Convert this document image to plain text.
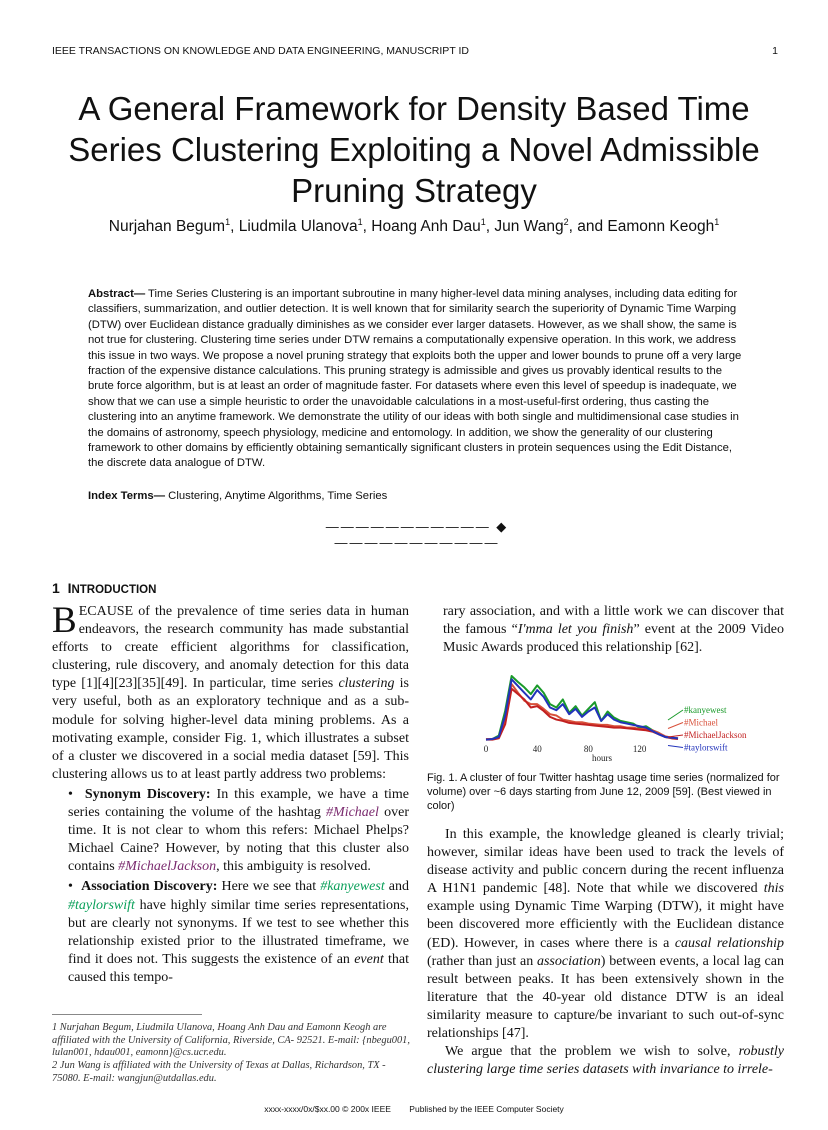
IEEE TRANSACTIONS ON KNOWLEDGE AND DATA ENGINEERING, MANUSCRIPT ID	1
A General Framework for Density Based Time Series Clustering Exploiting a Novel Admissible Pruning Strategy
Nurjahan Begum$^1$, Liudmila Ulanova$^1$, Hoang Anh Dau$^1$, Jun Wang$^2$, and Eamonn Keogh$^1$
Abstract— Time Series Clustering is an important subroutine in many higher-level data mining analyses, including data editing for classifiers, summarization, and outlier detection. It is well known that for similarity search the superiority of Dynamic Time Warping (DTW) over Euclidean distance gradually diminishes as we consider ever larger datasets. However, as we shall show, the same is not true for clustering. Clustering time series under DTW remains a computationally expensive operation. In this work, we address this issue in two ways. We propose a novel pruning strategy that exploits both the upper and lower bounds to prune off a very large fraction of the expensive distance calculations. This pruning strategy is admissible and gives us provably identical results to the brute force algorithm, but is at least an order of magnitude faster. For datasets where even this level of speedup is inadequate, we show that we can use a simple heuristic to order the unavoidable calculations in a most-useful-first ordering, thus casting the clustering into an anytime framework. We demonstrate the utility of our ideas with both single and multidimensional case studies in the domains of astronomy, speech physiology, medicine and entomology. In addition, we show the generality of our clustering framework to other domains by efficiently obtaining semantically significant clusters in protein sequences using the Edit Distance, the discrete data analogue of DTW.
Index Terms— Clustering, Anytime Algorithms, Time Series
——————————— ◆ ———————————
1 INTRODUCTION
BECAUSE of the prevalence of time series data in human endeavors, the research community has made substantial efforts to create efficient algorithms for classification, clustering, rule discovery, and anomaly detection for this data type [1][4][23][35][49]. In particular, time series clustering is very useful, both as an exploratory technique and as a sub-module for solving higher-level data mining problems. As a motivating example, consider Fig. 1, which illustrates a subset of a cluster we discovered in a social media dataset [59]. This clustering allows us to at least partly address two problems:
•  Synonym Discovery: In this example, we have a time series containing the volume of the hashtag #Michael over time. It is not clear to whom this refers: Michael Phelps? Michael Caine? However, by noting that this cluster also contains #MichaelJackson, this ambiguity is resolved.
•  Association Discovery: Here we see that #kanyewest and #taylorswift have highly similar time series representations, but are clearly not synonyms. If we test to see whether this relationship existed prior to the illustrated timeframe, we find it does not. This suggests the existence of an event that caused this tempo-
rary association, and with a little work we can discover that the famous “I'mma let you finish” event at the 2009 Video Music Awards produced this relationship [62].
0	40	80	120
hours
#kanyewest
#Michael
#MichaelJackson
#taylorswift
Fig. 1. A cluster of four Twitter hashtag usage time series (normalized for volume) over ~6 days starting from June 12, 2009 [59]. (Best viewed in color)
In this example, the knowledge gleaned is clearly trivial; however, similar ideas have been used to track the levels of disease activity and public concern during the recent influenza A H1N1 pandemic [48]. Note that while we discovered this example using Dynamic Time Warping (DTW), it might have been discovered more efficiently with the Euclidean distance (ED). However, in cases where there is a causal relationship (rather than just an association) between events, a local lag can result between peaks. It has been extensively shown in the literature that the 40-year old distance DTW is an ideal similarity measure to capture/be invariant to such out-of-sync relationships [47].
We argue that the problem we wish to solve, robustly clustering large time series datasets with invariance to irrele-
1 Nurjahan Begum, Liudmila Ulanova, Hoang Anh Dau and Eamonn Keogh are affiliated with the University of California, Riverside, CA- 92521. E-mail: {nbegu001, lulan001, hdau001, eamonn}@cs.ucr.edu.
2 Jun Wang is affiliated with the University of Texas at Dallas, Richardson, TX - 75080. E-mail: wangjun@utdallas.edu.
xxxx-xxxx/0x/$xx.00 © 200x IEEE Published by the IEEE Computer Society
